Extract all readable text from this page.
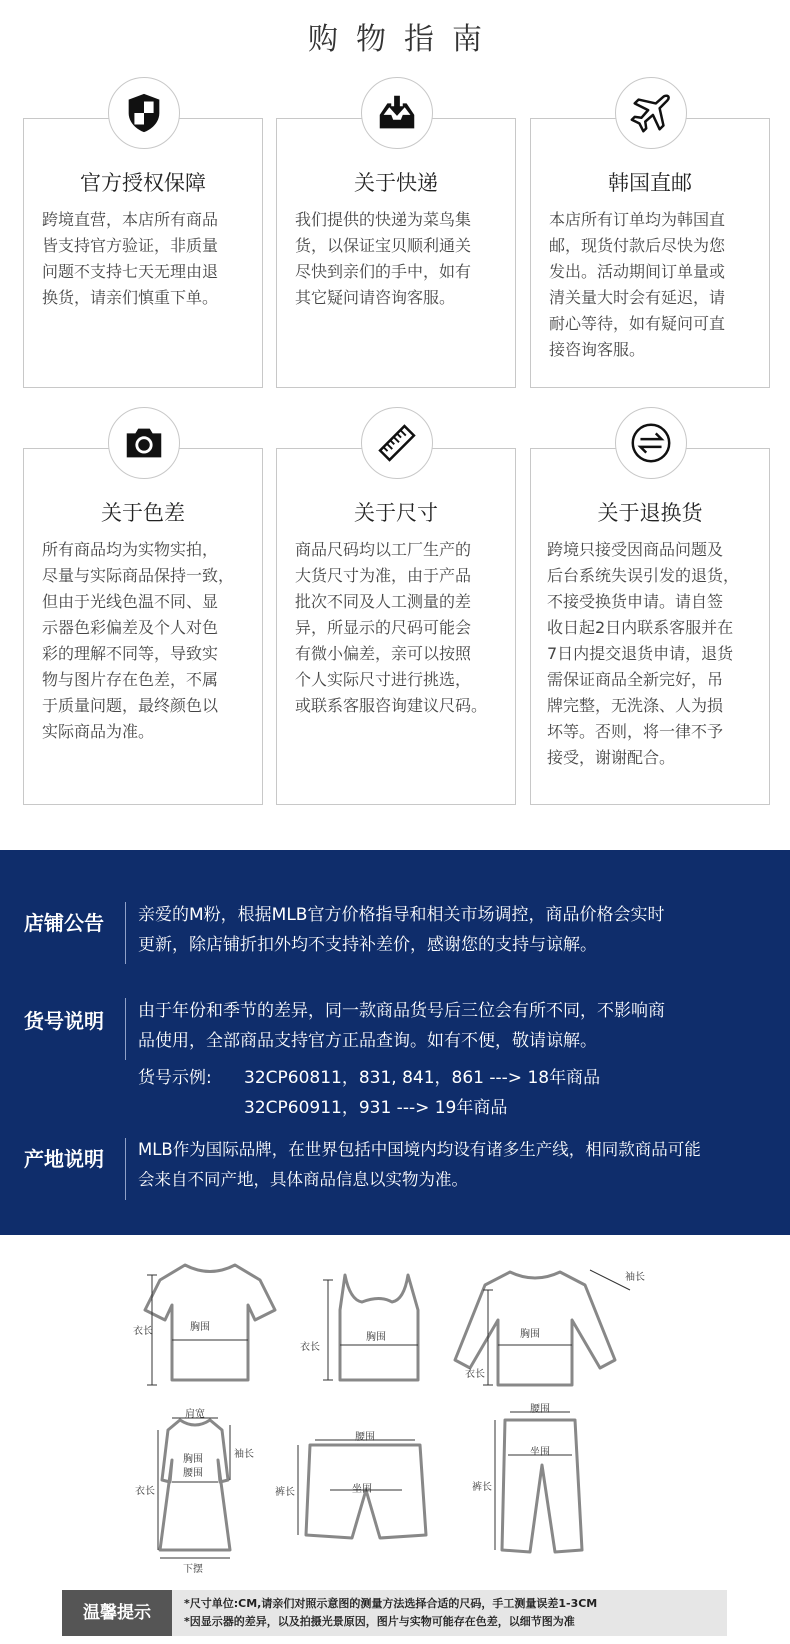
购物指南
官方授权保障
跨境直营，本店所有商品
皆支持官方验证，非质量
问题不支持七天无理由退
换货，请亲们慎重下单。
关于快递
我们提供的快递为菜鸟集
货，以保证宝贝顺利通关
尽快到亲们的手中，如有
其它疑问请咨询客服。
韩国直邮
本店所有订单均为韩国直
邮，现货付款后尽快为您
发出。活动期间订单量或
清关量大时会有延迟，请
耐心等待，如有疑问可直
接咨询客服。
关于色差
所有商品均为实物实拍，
尽量与实际商品保持一致，
但由于光线色温不同、显
示器色彩偏差及个人对色
彩的理解不同等，导致实
物与图片存在色差，不属
于质量问题，最终颜色以
实际商品为准。
关于尺寸
商品尺码均以工厂生产的
大货尺寸为准，由于产品
批次不同及人工测量的差
异，所显示的尺码可能会
有微小偏差，亲可以按照
个人实际尺寸进行挑选，
或联系客服咨询建议尺码。
关于退换货
跨境只接受因商品问题及
后台系统失误引发的退货，
不接受换货申请。请自签
收日起2日内联系客服并在
7日内提交退货申请，退货
需保证商品全新完好，吊
牌完整，无洗涤、人为损
坏等。否则，将一律不予
接受，谢谢配合。
店铺公告 亲爱的M粉，根据MLB官方价格指导和相关市场调控，商品价格会实时
更新，除店铺折扣外均不支持补差价，感谢您的支持与谅解。
货号说明 由于年份和季节的差异，同一款商品货号后三位会有所不同，不影响商
品使用，全部商品支持官方正品查询。如有不便，敬请谅解。
货号示例: 32CP60811，831, 841，861 ---> 18年商品
32CP60911，931 ---> 19年商品
产地说明 MLB作为国际品牌，在世界包括中国境内均设有诸多生产线，相同款商品可能
会来自不同产地，具体商品信息以实物为准。
衣长	胸围
衣长
胸围	胸围
衣长
袖长
肩宽
胸围
腰围
袖长
衣长
下摆
腰围
裤长	坐围
腰围
坐围
裤长
温馨提示	*尺寸单位:CM,请亲们对照示意图的测量方法选择合适的尺码，手工测量误差1-3CM
*因显示器的差异，以及拍摄光景原因，图片与实物可能存在色差，以细节图为准
